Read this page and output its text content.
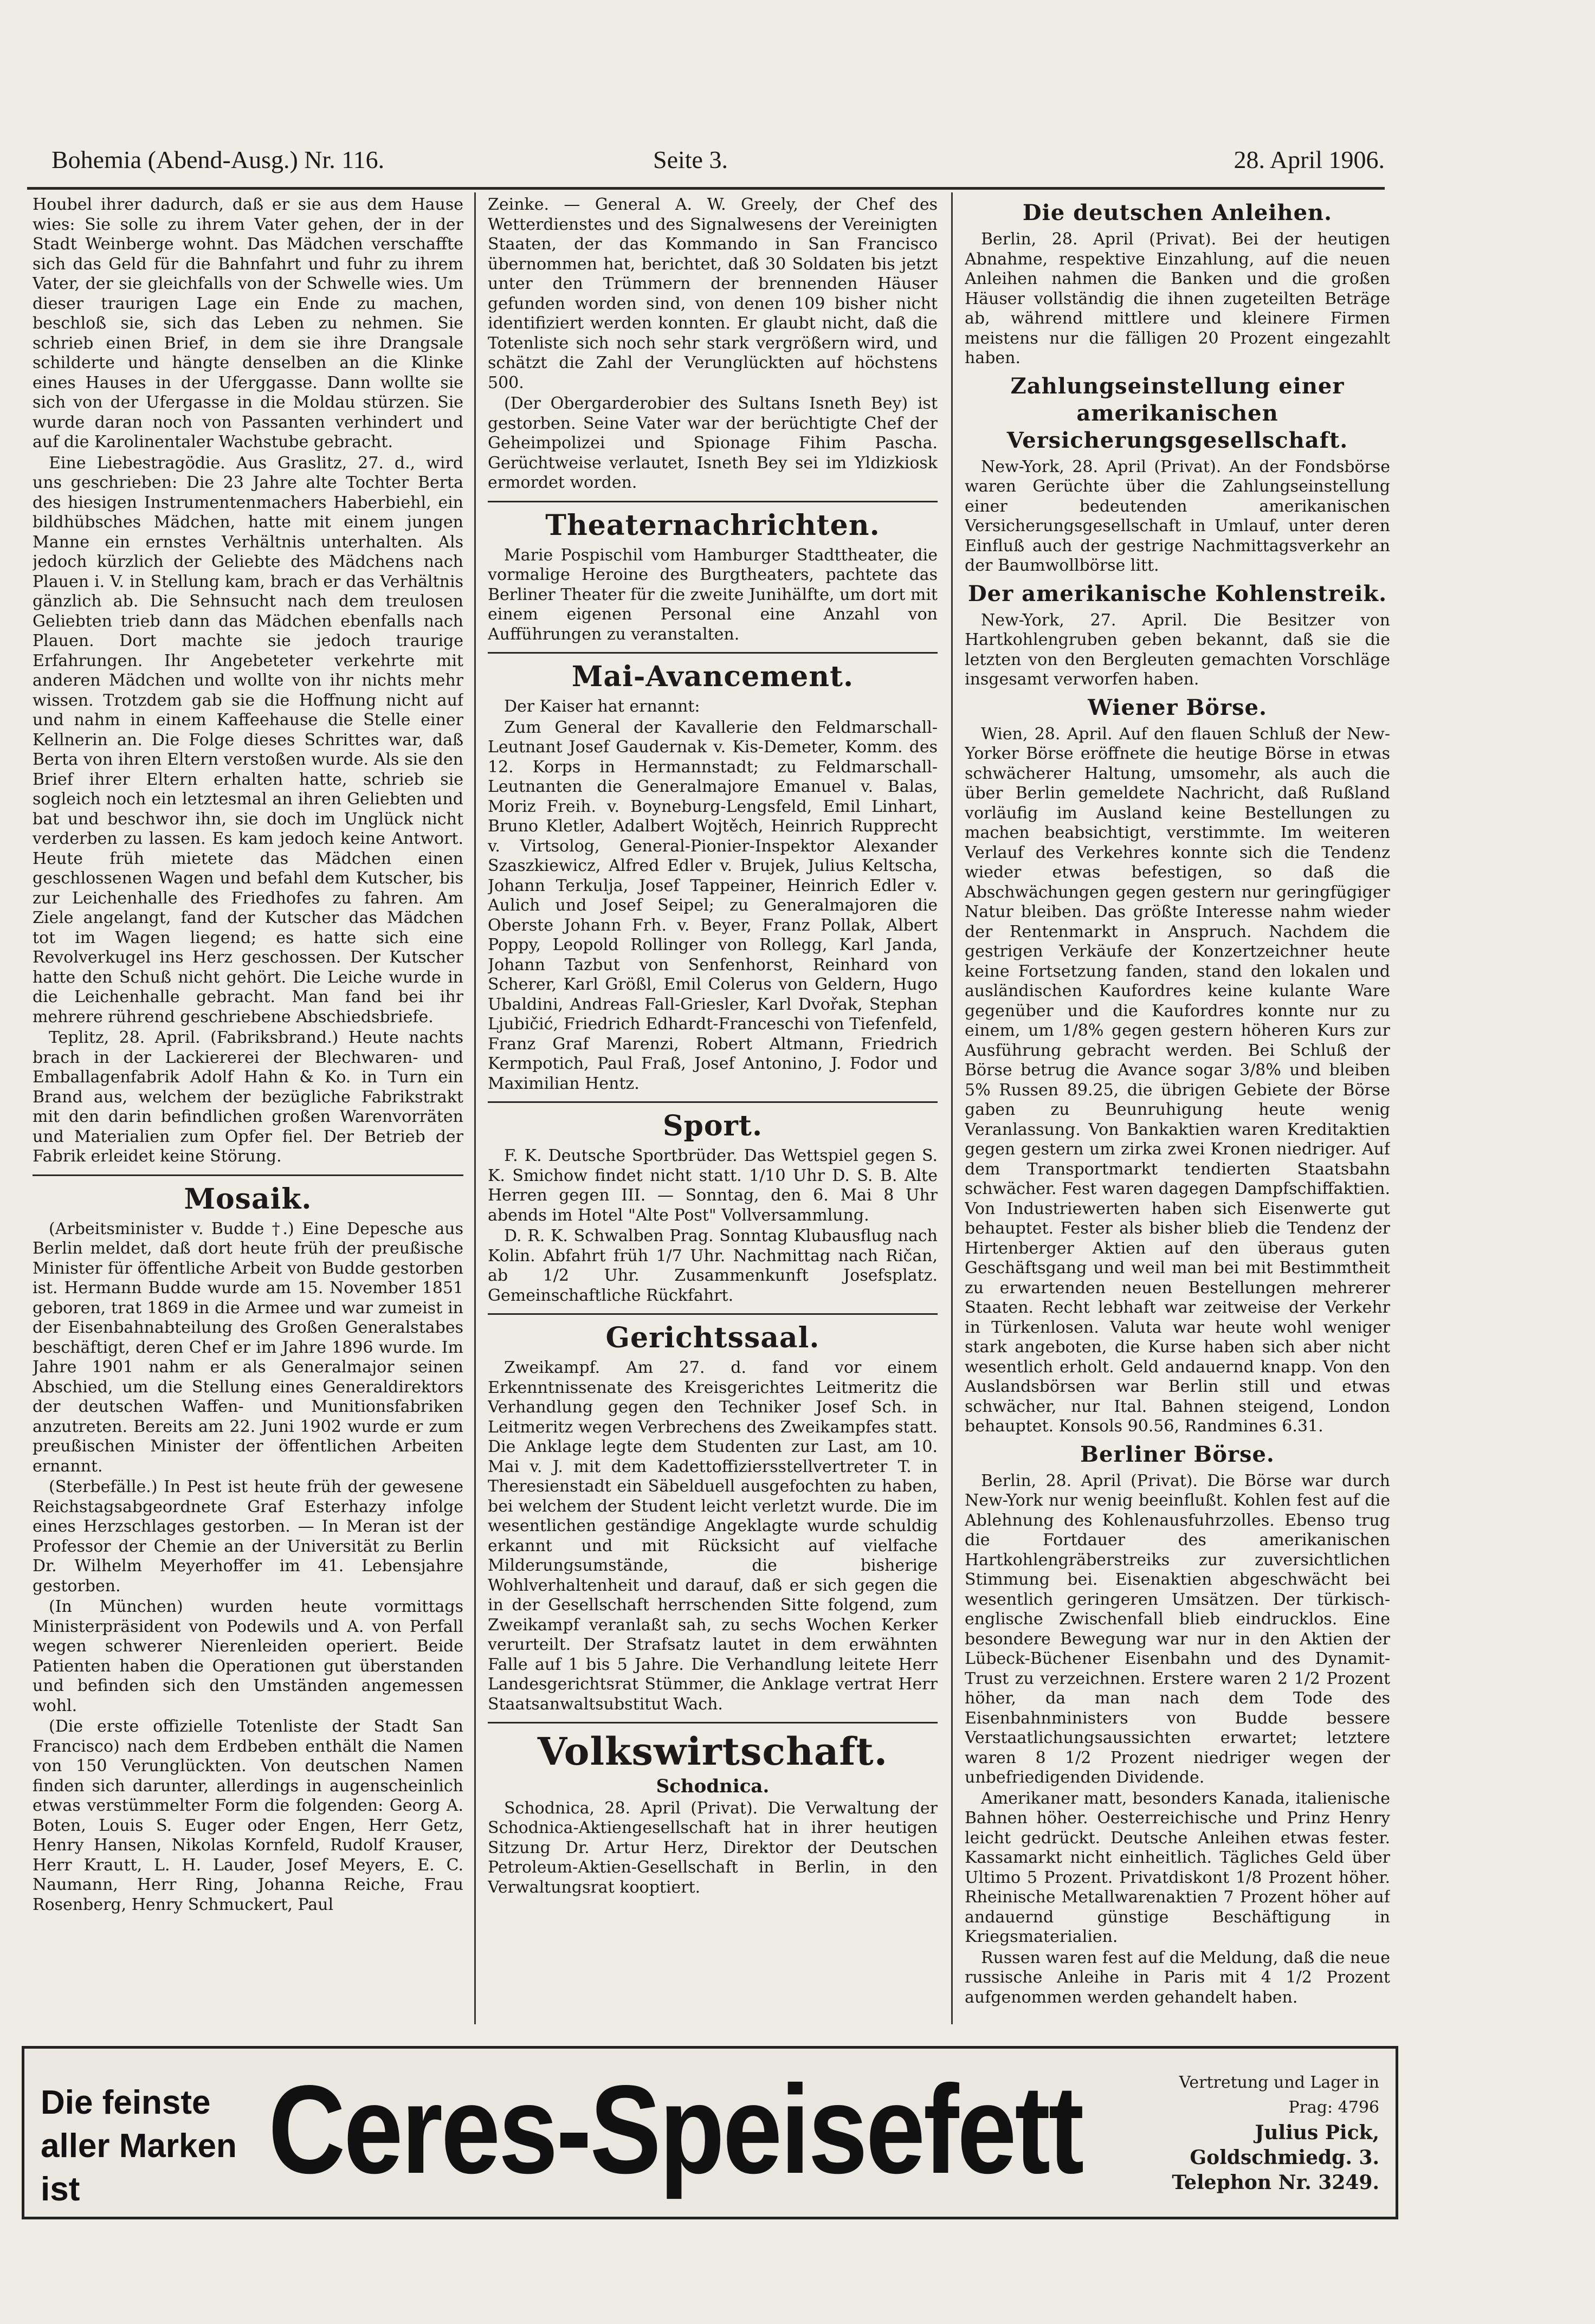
Bohemia (Abend-Ausg.) Nr. 116.	Seite 3.	28. April 1906.

Houbel ihrer dadurch, daß er sie aus dem Hause wies: Sie solle zu ihrem Vater gehen, der in der Stadt Weinberge wohnt. Das Mädchen verschaffte sich das Geld für die Bahnfahrt und fuhr zu ihrem Vater, der sie gleichfalls von der Schwelle wies. Um dieser traurigen Lage ein Ende zu machen, beschloß sie, sich das Leben zu nehmen. Sie schrieb einen Brief, in dem sie ihre Drangsale schilderte und hängte denselben an die Klinke eines Hauses in der Uferggasse. Dann wollte sie sich von der Ufergasse in die Moldau stürzen. Sie wurde daran noch von Passanten verhindert und auf die Karolinentaler Wachstube gebracht.

Eine Liebestragödie. Aus Graslitz, 27. d., wird uns geschrieben: Die 23 Jahre alte Tochter Berta des hiesigen Instrumentenmachers Haberbiehl, ein bildhübsches Mädchen, hatte mit einem jungen Manne ein ernstes Verhältnis unterhalten. Als jedoch kürzlich der Geliebte des Mädchens nach Plauen i. V. in Stellung kam, brach er das Verhältnis gänzlich ab. Die Sehnsucht nach dem treulosen Geliebten trieb dann das Mädchen ebenfalls nach Plauen. Dort machte sie jedoch traurige Erfahrungen. Ihr Angebeteter verkehrte mit anderen Mädchen und wollte von ihr nichts mehr wissen. Trotzdem gab sie die Hoffnung nicht auf und nahm in einem Kaffeehause die Stelle einer Kellnerin an. Die Folge dieses Schrittes war, daß Berta von ihren Eltern verstoßen wurde. Als sie den Brief ihrer Eltern erhalten hatte, schrieb sie sogleich noch ein letztesmal an ihren Geliebten und bat und beschwor ihn, sie doch im Unglück nicht verderben zu lassen. Es kam jedoch keine Antwort. Heute früh mietete das Mädchen einen geschlossenen Wagen und befahl dem Kutscher, bis zur Leichenhalle des Friedhofes zu fahren. Am Ziele angelangt, fand der Kutscher das Mädchen tot im Wagen liegend; es hatte sich eine Revolverkugel ins Herz geschossen. Der Kutscher hatte den Schuß nicht gehört. Die Leiche wurde in die Leichenhalle gebracht. Man fand bei ihr mehrere rührend geschriebene Abschiedsbriefe.

Teplitz, 28. April. (Fabriksbrand.) Heute nachts brach in der Lackiererei der Blechwaren- und Emballagenfabrik Adolf Hahn & Ko. in Turn ein Brand aus, welchem der bezügliche Fabrikstrakt mit den darin befindlichen großen Warenvorräten und Materialien zum Opfer fiel. Der Betrieb der Fabrik erleidet keine Störung.

Mosaik.

(Arbeitsminister v. Budde †.) Eine Depesche aus Berlin meldet, daß dort heute früh der preußische Minister für öffentliche Arbeit von Budde gestorben ist. Hermann Budde wurde am 15. November 1851 geboren, trat 1869 in die Armee und war zumeist in der Eisenbahnabteilung des Großen Generalstabes beschäftigt, deren Chef er im Jahre 1896 wurde. Im Jahre 1901 nahm er als Generalmajor seinen Abschied, um die Stellung eines Generaldirektors der deutschen Waffen- und Munitionsfabriken anzutreten. Bereits am 22. Juni 1902 wurde er zum preußischen Minister der öffentlichen Arbeiten ernannt.

(Sterbefälle.) In Pest ist heute früh der gewesene Reichstagsabgeordnete Graf Esterhazy infolge eines Herzschlages gestorben. — In Meran ist der Professor der Chemie an der Universität zu Berlin Dr. Wilhelm Meyerhoffer im 41. Lebensjahre gestorben.

(In München) wurden heute vormittags Ministerpräsident von Podewils und A. von Perfall wegen schwerer Nierenleiden operiert. Beide Patienten haben die Operationen gut überstanden und befinden sich den Umständen angemessen wohl.

(Die erste offizielle Totenliste der Stadt San Francisco) nach dem Erdbeben enthält die Namen von 150 Verunglückten. Von deutschen Namen finden sich darunter, allerdings in augenscheinlich etwas verstümmelter Form die folgenden: Georg A. Boten, Louis S. Euger oder Engen, Herr Getz, Henry Hansen, Nikolas Kornfeld, Rudolf Krauser, Herr Krautt, L. H. Lauder, Josef Meyers, E. C. Naumann, Herr Ring, Johanna Reiche, Frau Rosenberg, Henry Schmuckert, Paul

Zeinke. — General A. W. Greely, der Chef des Wetterdienstes und des Signalwesens der Vereinigten Staaten, der das Kommando in San Francisco übernommen hat, berichtet, daß 30 Soldaten bis jetzt unter den Trümmern der brennenden Häuser gefunden worden sind, von denen 109 bisher nicht identifiziert werden konnten. Er glaubt nicht, daß die Totenliste sich noch sehr stark vergrößern wird, und schätzt die Zahl der Verunglückten auf höchstens 500.

(Der Obergarderobier des Sultans Isneth Bey) ist gestorben. Seine Vater war der berüchtigte Chef der Geheimpolizei und Spionage Fihim Pascha. Gerüchtweise verlautet, Isneth Bey sei im Yldizkiosk ermordet worden.

Theaternachrichten.

Marie Pospischil vom Hamburger Stadttheater, die vormalige Heroine des Burgtheaters, pachtete das Berliner Theater für die zweite Junihälfte, um dort mit einem eigenen Personal eine Anzahl von Aufführungen zu veranstalten.

Mai-Avancement.

Der Kaiser hat ernannt:

Zum General der Kavallerie den Feldmarschall-Leutnant Josef Gaudernak v. Kis-Demeter, Komm. des 12. Korps in Hermannstadt; zu Feldmarschall-Leutnanten die Generalmajore Emanuel v. Balas, Moriz Freih. v. Boyneburg-Lengsfeld, Emil Linhart, Bruno Kletler, Adalbert Wojtěch, Heinrich Rupprecht v. Virtsolog, General-Pionier-Inspektor Alexander Szaszkiewicz, Alfred Edler v. Brujek, Julius Keltscha, Johann Terkulja, Josef Tappeiner, Heinrich Edler v. Aulich und Josef Seipel; zu Generalmajoren die Oberste Johann Frh. v. Beyer, Franz Pollak, Albert Poppy, Leopold Rollinger von Rollegg, Karl Janda, Johann Tazbut von Senfenhorst, Reinhard von Scherer, Karl Größl, Emil Colerus von Geldern, Hugo Ubaldini, Andreas Fall-Griesler, Karl Dvořak, Stephan Ljubičić, Friedrich Edhardt-Franceschi von Tiefenfeld, Franz Graf Marenzi, Robert Altmann, Friedrich Kermpotich, Paul Fraß, Josef Antonino, J. Fodor und Maximilian Hentz.

Sport.

F. K. Deutsche Sportbrüder. Das Wettspiel gegen S. K. Smichow findet nicht statt. 1/10 Uhr D. S. B. Alte Herren gegen III. — Sonntag, den 6. Mai 8 Uhr abends im Hotel "Alte Post" Vollversammlung.

D. R. K. Schwalben Prag. Sonntag Klubausflug nach Kolin. Abfahrt früh 1/7 Uhr. Nachmittag nach Ričan, ab 1/2 Uhr. Zusammenkunft Josefsplatz. Gemeinschaftliche Rückfahrt.

Gerichtssaal.

Zweikampf. Am 27. d. fand vor einem Erkenntnissenate des Kreisgerichtes Leitmeritz die Verhandlung gegen den Techniker Josef Sch. in Leitmeritz wegen Verbrechens des Zweikampfes statt. Die Anklage legte dem Studenten zur Last, am 10. Mai v. J. mit dem Kadettoffiziersstellvertreter T. in Theresienstadt ein Säbelduell ausgefochten zu haben, bei welchem der Student leicht verletzt wurde. Die im wesentlichen geständige Angeklagte wurde schuldig erkannt und mit Rücksicht auf vielfache Milderungsumstände, die bisherige Wohlverhaltenheit und darauf, daß er sich gegen die in der Gesellschaft herrschenden Sitte folgend, zum Zweikampf veranlaßt sah, zu sechs Wochen Kerker verurteilt. Der Strafsatz lautet in dem erwähnten Falle auf 1 bis 5 Jahre. Die Verhandlung leitete Herr Landesgerichtsrat Stümmer, die Anklage vertrat Herr Staatsanwaltsubstitut Wach.

Volkswirtschaft.
Schodnica.

Schodnica, 28. April (Privat). Die Verwaltung der Schodnica-Aktiengesellschaft hat in ihrer heutigen Sitzung Dr. Artur Herz, Direktor der Deutschen Petroleum-Aktien-Gesellschaft in Berlin, in den Verwaltungsrat kooptiert.

Die deutschen Anleihen.

Berlin, 28. April (Privat). Bei der heutigen Abnahme, respektive Einzahlung, auf die neuen Anleihen nahmen die Banken und die großen Häuser vollständig die ihnen zugeteilten Beträge ab, während mittlere und kleinere Firmen meistens nur die fälligen 20 Prozent eingezahlt haben.

Zahlungseinstellung einer amerikanischen Versicherungsgesellschaft.

New-York, 28. April (Privat). An der Fondsbörse waren Gerüchte über die Zahlungseinstellung einer bedeutenden amerikanischen Versicherungsgesellschaft in Umlauf, unter deren Einfluß auch der gestrige Nachmittagsverkehr an der Baumwollbörse litt.

Der amerikanische Kohlenstreik.

New-York, 27. April. Die Besitzer von Hartkohlengruben geben bekannt, daß sie die letzten von den Bergleuten gemachten Vorschläge insgesamt verworfen haben.

Wiener Börse.

Wien, 28. April. Auf den flauen Schluß der New-Yorker Börse eröffnete die heutige Börse in etwas schwächerer Haltung, umsomehr, als auch die über Berlin gemeldete Nachricht, daß Rußland vorläufig im Ausland keine Bestellungen zu machen beabsichtigt, verstimmte. Im weiteren Verlauf des Verkehres konnte sich die Tendenz wieder etwas befestigen, so daß die Abschwächungen gegen gestern nur geringfügiger Natur bleiben. Das größte Interesse nahm wieder der Rentenmarkt in Anspruch. Nachdem die gestrigen Verkäufe der Konzertzeichner heute keine Fortsetzung fanden, stand den lokalen und ausländischen Kaufordres keine kulante Ware gegenüber und die Kaufordres konnte nur zu einem, um 1/8% gegen gestern höheren Kurs zur Ausführung gebracht werden. Bei Schluß der Börse betrug die Avance sogar 3/8% und bleiben 5% Russen 89.25, die übrigen Gebiete der Börse gaben zu Beunruhigung heute wenig Veranlassung. Von Bankaktien waren Kreditaktien gegen gestern um zirka zwei Kronen niedriger. Auf dem Transportmarkt tendierten Staatsbahn schwächer. Fest waren dagegen Dampfschiffaktien. Von Industriewerten haben sich Eisenwerte gut behauptet. Fester als bisher blieb die Tendenz der Hirtenberger Aktien auf den überaus guten Geschäftsgang und weil man bei mit Bestimmtheit zu erwartenden neuen Bestellungen mehrerer Staaten. Recht lebhaft war zeitweise der Verkehr in Türkenlosen. Valuta war heute wohl weniger stark angeboten, die Kurse haben sich aber nicht wesentlich erholt. Geld andauernd knapp. Von den Auslandsbörsen war Berlin still und etwas schwächer, nur Ital. Bahnen steigend, London behauptet. Konsols 90.56, Randmines 6.31.

Berliner Börse.

Berlin, 28. April (Privat). Die Börse war durch New-York nur wenig beeinflußt. Kohlen fest auf die Ablehnung des Kohlenausfuhrzolles. Ebenso trug die Fortdauer des amerikanischen Hartkohlengräberstreiks zur zuversichtlichen Stimmung bei. Eisenaktien abgeschwächt bei wesentlich geringeren Umsätzen. Der türkisch-englische Zwischenfall blieb eindrucklos. Eine besondere Bewegung war nur in den Aktien der Lübeck-Büchener Eisenbahn und des Dynamit-Trust zu verzeichnen. Erstere waren 2 1/2 Prozent höher, da man nach dem Tode des Eisenbahnministers von Budde bessere Verstaatlichungsaussichten erwartet; letztere waren 8 1/2 Prozent niedriger wegen der unbefriedigenden Dividende.

Amerikaner matt, besonders Kanada, italienische Bahnen höher. Oesterreichische und Prinz Henry leicht gedrückt. Deutsche Anleihen etwas fester. Kassamarkt nicht einheitlich. Tägliches Geld über Ultimo 5 Prozent. Privatdiskont 1/8 Prozent höher. Rheinische Metallwarenaktien 7 Prozent höher auf andauernd günstige Beschäftigung in Kriegsmaterialien.

Russen waren fest auf die Meldung, daß die neue russische Anleihe in Paris mit 4 1/2 Prozent aufgenommen werden gehandelt haben.

Die feinste aller Marken ist	Ceres-Speisefett	Vertretung und Lager in
Prag: 4796
Julius Pick,
Goldschmiedg. 3.
Telephon Nr. 3249.
